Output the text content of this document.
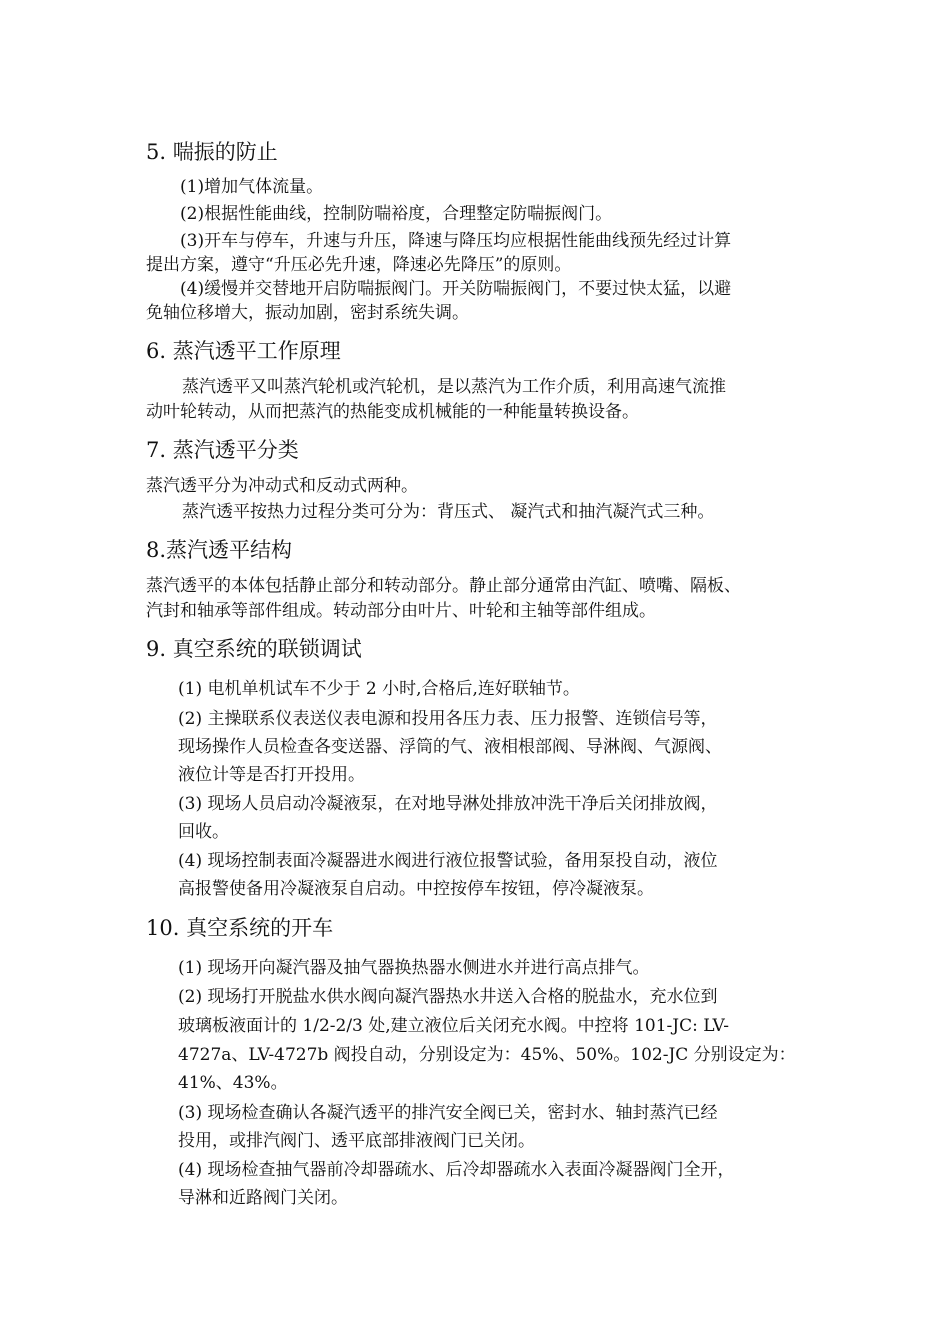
5. 喘振的防止
(1)增加气体流量。
(2)根据性能曲线，控制防喘裕度，合理整定防喘振阀门。
(3)开车与停车，升速与升压，降速与降压均应根据性能曲线预先经过计算
提出方案，遵守“升压必先升速，降速必先降压”的原则。
(4)缓慢并交替地开启防喘振阀门。开关防喘振阀门，不要过快太猛，以避
免轴位移增大，振动加剧，密封系统失调。
6. 蒸汽透平工作原理
蒸汽透平又叫蒸汽轮机或汽轮机，是以蒸汽为工作介质，利用高速气流推
动叶轮转动，从而把蒸汽的热能变成机械能的一种能量转换设备。
7. 蒸汽透平分类
蒸汽透平分为冲动式和反动式两种。
蒸汽透平按热力过程分类可分为：背压式、 凝汽式和抽汽凝汽式三种。
8.蒸汽透平结构
蒸汽透平的本体包括静止部分和转动部分。静止部分通常由汽缸、喷嘴、隔板、
汽封和轴承等部件组成。转动部分由叶片、叶轮和主轴等部件组成。
9. 真空系统的联锁调试
(1) 电机单机试车不少于 2 小时,合格后,连好联轴节。
(2) 主操联系仪表送仪表电源和投用各压力表、压力报警、连锁信号等，
现场操作人员检查各变送器、浮筒的气、液相根部阀、导淋阀、气源阀、
液位计等是否打开投用。
(3) 现场人员启动冷凝液泵，在对地导淋处排放冲洗干净后关闭排放阀，
回收。
(4) 现场控制表面冷凝器进水阀进行液位报警试验，备用泵投自动，液位
高报警使备用冷凝液泵自启动。中控按停车按钮，停冷凝液泵。
10. 真空系统的开车
(1) 现场开向凝汽器及抽气器换热器水侧进水并进行高点排气。
(2) 现场打开脱盐水供水阀向凝汽器热水井送入合格的脱盐水，充水位到
玻璃板液面计的 1/2-2/3 处,建立液位后关闭充水阀。中控将 101-JC: LV-
4727a、LV-4727b 阀投自动，分别设定为：45%、50%。102-JC 分别设定为：
41%、43%。
(3) 现场检查确认各凝汽透平的排汽安全阀已关，密封水、轴封蒸汽已经
投用，或排汽阀门、透平底部排液阀门已关闭。
(4) 现场检查抽气器前冷却器疏水、后冷却器疏水入表面冷凝器阀门全开，
导淋和近路阀门关闭。
